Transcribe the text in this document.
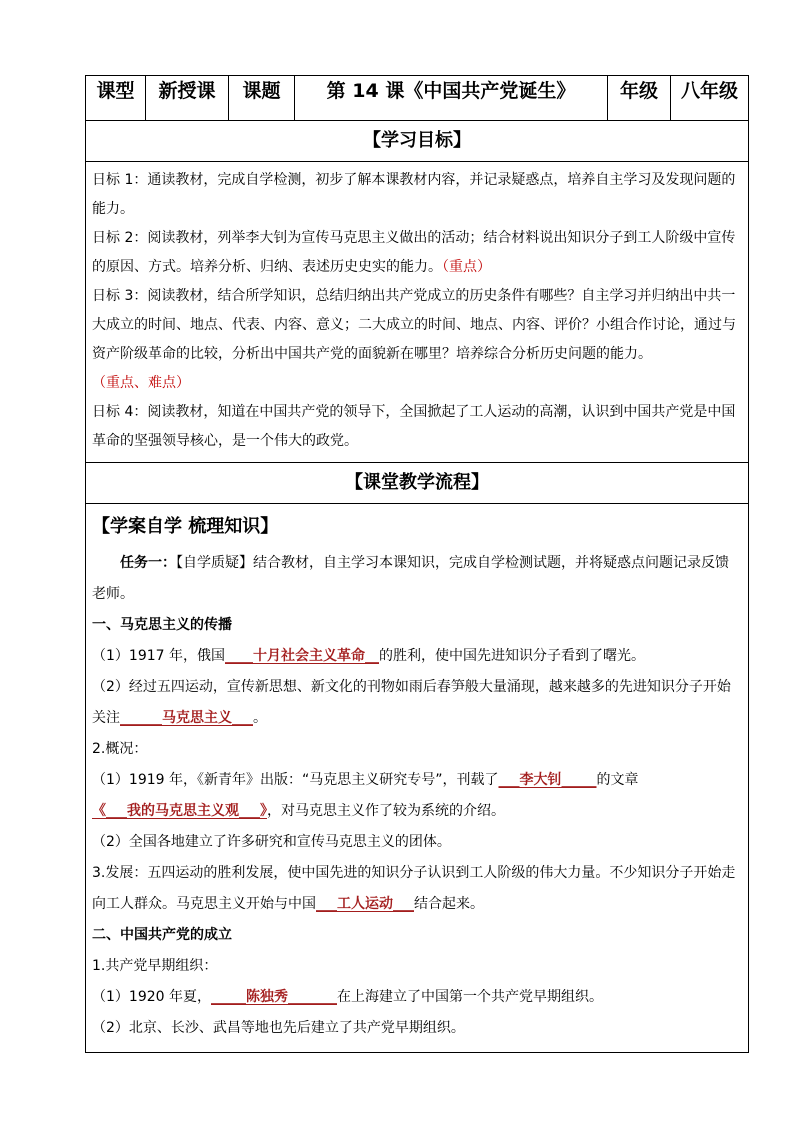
课型	新授课	课题	第 14 课《中国共产党诞生》	年级	八年级
【学习目标】

日标 1：通读教材，完成自学检测，初步了解本课教材内容，并记录疑惑点，培养自主学习及发现问题的能力。

日标 2：阅读教材，列举李大钊为宣传马克思主义做出的活动；结合材料说出知识分子到工人阶级中宣传的原因、方式。培养分析、归纳、表述历史史实的能力。（重点）

日标 3：阅读教材，结合所学知识，总结归纳出共产党成立的历史条件有哪些？自主学习并归纳出中共一大成立的时间、地点、代表、内容、意义；二大成立的时间、地点、内容、评价？小组合作讨论，通过与资产阶级革命的比较，分析出中国共产党的面貌新在哪里？培养综合分析历史问题的能力。（重点、难点）

日标 4：阅读教材，知道在中国共产党的领导下，全国掀起了工人运动的高潮，认识到中国共产党是中国革命的坚强领导核心，是一个伟大的政党。

【课堂教学流程】

【学案自学 梳理知识】

任务一：【自学质疑】结合教材，自主学习本课知识，完成自学检测试题，并将疑惑点问题记录反馈老师。

一、马克思主义的传播

（1）1917 年，俄国____十月社会主义革命__的胜利，使中国先进知识分子看到了曙光。

（2）经过五四运动，宣传新思想、新文化的刊物如雨后春笋般大量涌现，越来越多的先进知识分子开始关注______马克思主义___。

2.概况：

（1）1919 年，《新青年》出版：“马克思主义研究专号”，刊载了___李大钊_____的文章

《___我的马克思主义观___》，对马克思主义作了较为系统的介绍。

（2）全国各地建立了许多研究和宣传马克思主义的团体。

3.发展：五四运动的胜利发展，使中国先进的知识分子认识到工人阶级的伟大力量。不少知识分子开始走向工人群众。马克思主义开始与中国___工人运动___结合起来。

二、中国共产党的成立

1.共产党早期组织：

（1）1920 年夏，_____陈独秀_______在上海建立了中国第一个共产党早期组织。

（2）北京、长沙、武昌等地也先后建立了共产党早期组织。
